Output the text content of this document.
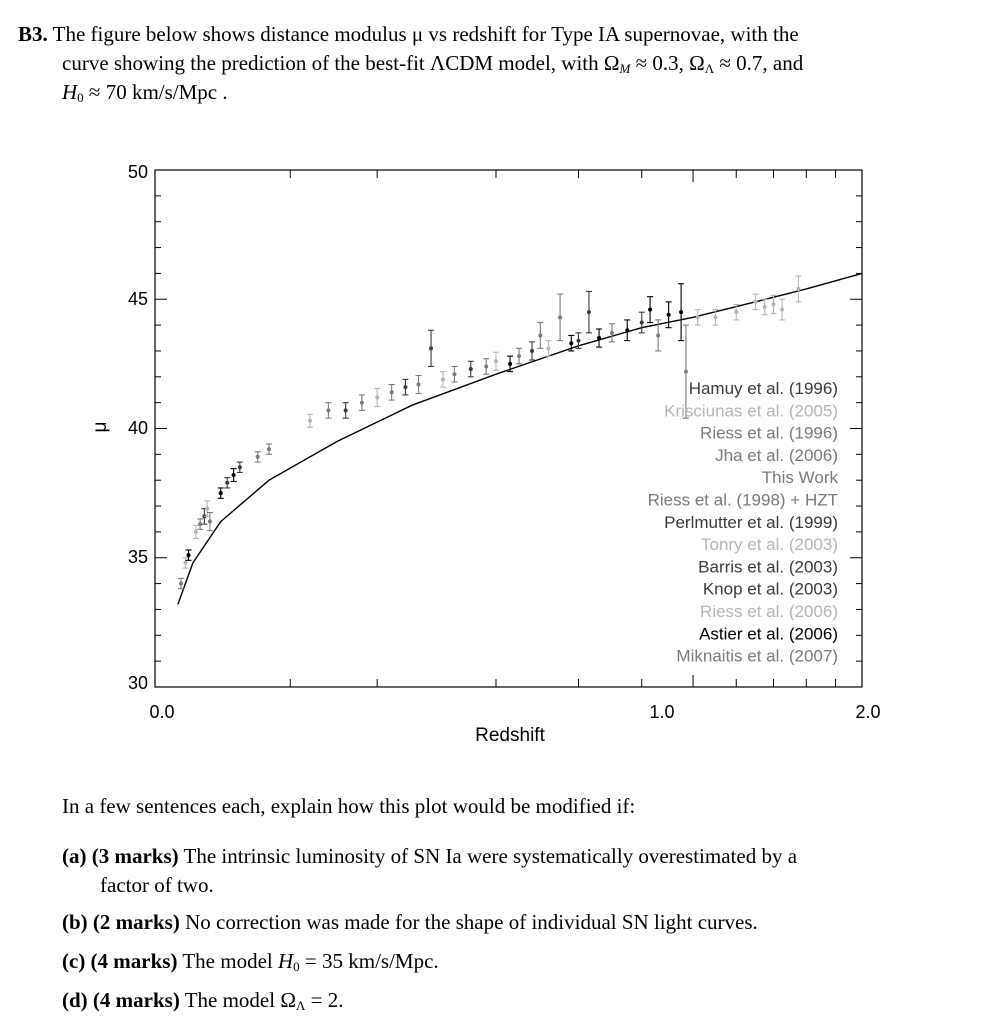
B3. The figure below shows distance modulus μ vs redshift for Type IA supernovae, with the
curve showing the prediction of the best-fit ΛCDM model, with $\Omega_M \approx 0.3$, $\Omega_\Lambda \approx 0.7$, and
$H_0 \approx 70$ km/s/Mpc .
50
45
40
35
30
0.0	1.0	2.0
Redshift
μ
Hamuy et al. (1996)
Krisciunas et al. (2005)
Riess et al. (1996)
Jha et al. (2006)
This Work
Riess et al. (1998) + HZT
Perlmutter et al. (1999)
Tonry et al. (2003)
Barris et al. (2003)
Knop et al. (2003)
Riess et al. (2006)
Astier et al. (2006)
Miknaitis et al. (2007)
In a few sentences each, explain how this plot would be modified if:
(a) (3 marks) The intrinsic luminosity of SN Ia were systematically overestimated by a
factor of two.
(b) (2 marks) No correction was made for the shape of individual SN light curves.
(c) (4 marks) The model $H_0 = 35$ km/s/Mpc.
(d) (4 marks) The model $\Omega_\Lambda = 2$.
